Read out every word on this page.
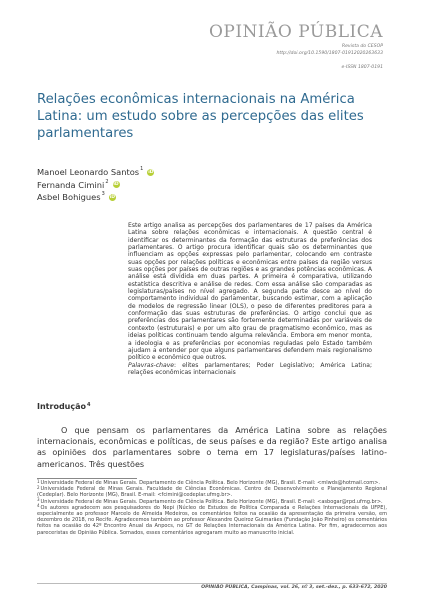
OPINIÃO PÚBLICA
Revista do CESOP
http://doi.org/10.1590/1807-01912020263633
e-ISSN 1807-0191
Relações econômicas internacionais na América Latina: um estudo sobre as percepções das elites parlamentares
Manoel Leonardo Santos 1
iD
Fernanda Cimini 2
iD
Asbel Bohigues 3
iD

Este artigo analisa as percepções dos parlamentares de 17 países da América Latina sobre relações econômicas e internacionais. A questão central é identificar os determinantes da formação das estruturas de preferências dos parlamentares. O artigo procura identificar quais são os determinantes que influenciam as opções expressas pelo parlamentar, colocando em contraste suas opções por relações políticas e econômicas entre países da região versus suas opções por países de outras regiões e as grandes potências econômicas. A análise está dividida em duas partes. A primeira é comparativa, utilizando estatística descritiva e análise de redes. Com essa análise são comparadas as legislaturas/países no nível agregado. A segunda parte desce ao nível do comportamento individual do parlamentar, buscando estimar, com a aplicação de modelos de regressão linear (OLS), o peso de diferentes preditores para a conformação das suas estruturas de preferências. O artigo conclui que as preferências dos parlamentares são fortemente determinadas por variáveis de contexto (estruturais) e por um alto grau de pragmatismo econômico, mas as ideias políticas continuam tendo alguma relevância. Embora em menor monta, a ideologia e as preferências por economias reguladas pelo Estado também ajudam a entender por que alguns parlamentares defendem mais regionalismo político e econômico que outros.

Palavras-chave: elites parlamentares; Poder Legislativo; América Latina; relações econômicas internacionais

Introdução$^4$

O que pensam os parlamentares da América Latina sobre as relações internacionais, econômicas e políticas, de seus países e da região? Este artigo analisa as opiniões dos parlamentares sobre o tema em 17 legislaturas/países latino-americanos. Três questões

$^1$Universidade Federal de Minas Gerais. Departamento de Ciência Política. Belo Horizonte (MG), Brasil. E-mail: <mlwds@hotmail.com>.

$^2$Universidade Federal de Minas Gerais. Faculdade de Ciências Econômicas. Centro de Desenvolvimento e Planejamento Regional (Cedeplar). Belo Horizonte (MG), Brasil. E-mail: <fcimini@cedeplar.ufmg.br>.

$^3$Universidade Federal de Minas Gerais. Departamento de Ciência Política. Belo Horizonte (MG), Brasil. E-mail: <asbogar@rpd.ufmg.br>.

$^4$Os autores agradecem aos pesquisadores do Nepi (Núcleo de Estudos de Política Comparada e Relações Internacionais da UFPE), especialmente ao professor Marcelo de Almeida Medeiros, os comentários feitos na ocasião da apresentação da primeira versão, em dezembro de 2018, no Recife. Agradecemos também ao professor Alexandre Queiroz Guimarães (Fundação João Pinheiro) os comentários feitos na ocasião do 42º Encontro Anual da Anpocs, no GT de Relações Internacionais da América Latina. Por fim, agradecemos aos pareceristas de Opinião Pública. Somados, esses comentários agregaram muito ao manuscrito inicial.

OPINIÃO PÚBLICA, Campinas, vol. 26, nº 3, set.-dez., p. 633-672, 2020
